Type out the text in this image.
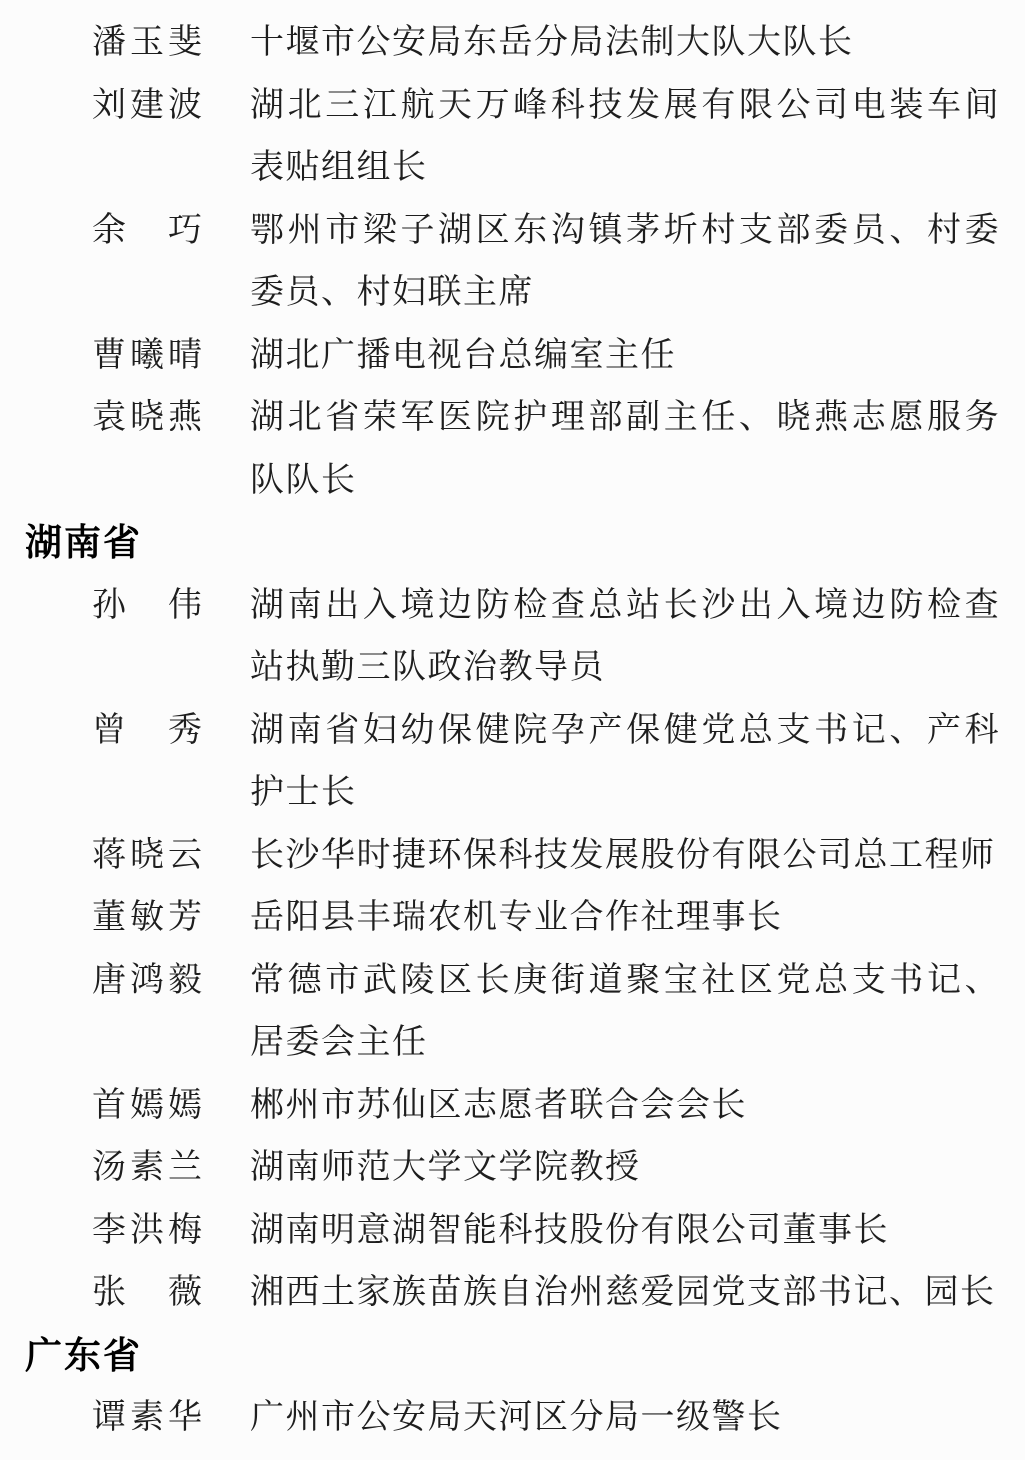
潘玉斐 十堰市公安局东岳分局法制大队大队长
刘建波 湖北三江航天万峰科技发展有限公司电装车间
表贴组组长
余　巧 鄂州市梁子湖区东沟镇茅圻村支部委员、村委
委员、村妇联主席
曹曦晴 湖北广播电视台总编室主任
袁晓燕 湖北省荣军医院护理部副主任、晓燕志愿服务
队队长
湖南省
孙　伟 湖南出入境边防检查总站长沙出入境边防检查
站执勤三队政治教导员
曾　秀 湖南省妇幼保健院孕产保健党总支书记、产科
护士长
蒋晓云 长沙华时捷环保科技发展股份有限公司总工程师
董敏芳 岳阳县丰瑞农机专业合作社理事长
唐鸿毅 常德市武陵区长庚街道聚宝社区党总支书记、
居委会主任
首嫣嫣 郴州市苏仙区志愿者联合会会长
汤素兰 湖南师范大学文学院教授
李洪梅 湖南明意湖智能科技股份有限公司董事长
张　薇 湘西土家族苗族自治州慈爱园党支部书记、园长
广东省
谭素华 广州市公安局天河区分局一级警长
